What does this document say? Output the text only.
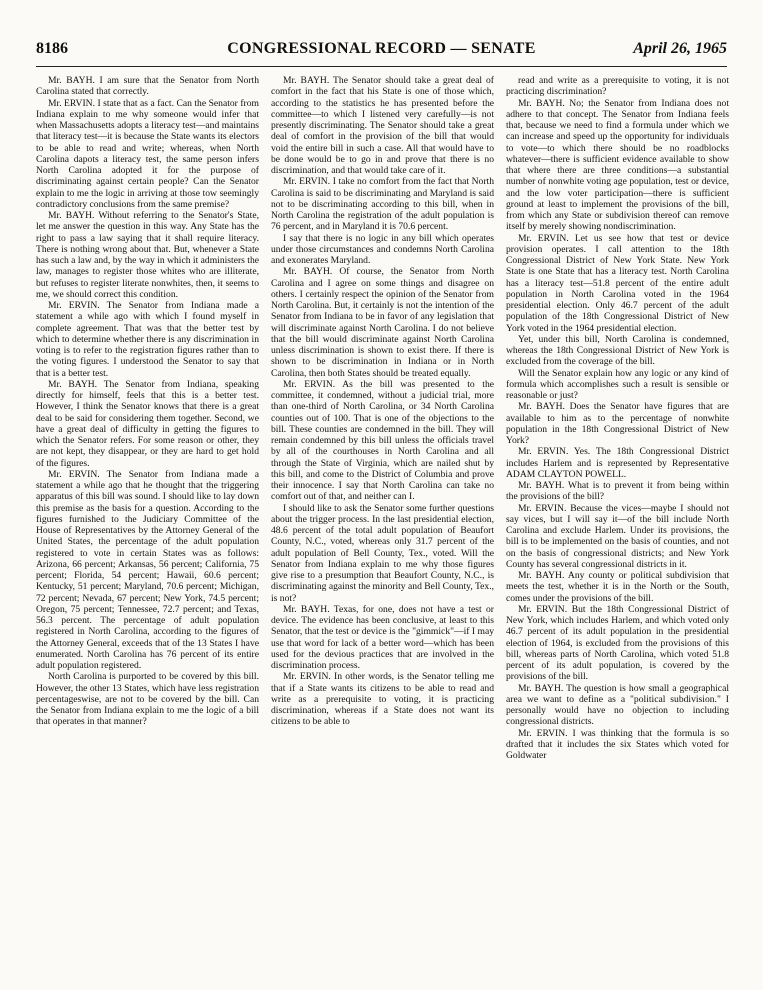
8186	CONGRESSIONAL RECORD — SENATE	April 26, 1965

Mr. BAYH. I am sure that the Senator from North Carolina stated that correctly.

Mr. ERVIN. I state that as a fact. Can the Senator from Indiana explain to me why someone would infer that when Massachusetts adopts a literacy test—and maintains that literacy test—it is because the State wants its electors to be able to read and write; whereas, when North Carolina dapots a literacy test, the same person infers North Carolina adopted it for the purpose of discriminating against certain people? Can the Senator explain to me the logic in arriving at those tow seemingly contradictory conclusions from the same premise?

Mr. BAYH. Without referring to the Senator's State, let me answer the question in this way. Any State has the right to pass a law saying that it shall require literacy. There is nothing wrong about that. But, whenever a State has such a law and, by the way in which it administers the law, manages to register those whites who are illiterate, but refuses to register literate nonwhites, then, it seems to me, we should correct this condition.

Mr. ERVIN. The Senator from Indiana made a statement a while ago with which I found myself in complete agreement. That was that the better test by which to determine whether there is any discrimination in voting is to refer to the registration figures rather than to the voting figures. I understood the Senator to say that that is a better test.

Mr. BAYH. The Senator from Indiana, speaking directly for himself, feels that this is a better test. However, I think the Senator knows that there is a great deal to be said for considering them together. Second, we have a great deal of difficulty in getting the figures to which the Senator refers. For some reason or other, they are not kept, they disappear, or they are hard to get hold of the figures.

Mr. ERVIN. The Senator from Indiana made a statement a while ago that he thought that the triggering apparatus of this bill was sound. I should like to lay down this premise as the basis for a question. According to the figures furnished to the Judiciary Committee of the House of Representatives by the Attorney General of the United States, the percentage of the adult population registered to vote in certain States was as follows: Arizona, 66 percent; Arkansas, 56 percent; California, 75 percent; Florida, 54 percent; Hawaii, 60.6 percent; Kentucky, 51 percent; Maryland, 70.6 percent; Michigan, 72 percent; Nevada, 67 percent; New York, 74.5 percent; Oregon, 75 percent; Tennessee, 72.7 percent; and Texas, 56.3 percent. The percentage of adult population registered in North Carolina, according to the figures of the Attorney General, exceeds that of the 13 States I have enumerated. North Carolina has 76 percent of its entire adult population registered.

North Carolina is purported to be covered by this bill. However, the other 13 States, which have less registration percentageswise, are not to be covered by the bill. Can the Senator from Indiana explain to me the logic of a bill that operates in that manner?

Mr. BAYH. The Senator should take a great deal of comfort in the fact that his State is one of those which, according to the statistics he has presented before the committee—to which I listened very carefully—is not presently discriminating. The Senator should take a great deal of comfort in the provision of the bill that would void the entire bill in such a case. All that would have to be done would be to go in and prove that there is no discrimination, and that would take care of it.

Mr. ERVIN. I take no comfort from the fact that North Carolina is said to be discriminating and Maryland is said not to be discriminating according to this bill, when in North Carolina the registration of the adult population is 76 percent, and in Maryland it is 70.6 percent.

I say that there is no logic in any bill which operates under those circumstances and condemns North Carolina and exonerates Maryland.

Mr. BAYH. Of course, the Senator from North Carolina and I agree on some things and disagree on others. I certainly respect the opinion of the Senator from North Carolina. But, it certainly is not the intention of the Senator from Indiana to be in favor of any legislation that will discriminate against North Carolina. I do not believe that the bill would discriminate against North Carolina unless discrimination is shown to exist there. If there is shown to be discrimination in Indiana or in North Carolina, then both States should be treated equally.

Mr. ERVIN. As the bill was presented to the committee, it condemned, without a judicial trial, more than one-third of North Carolina, or 34 North Carolina counties out of 100. That is one of the objections to the bill. These counties are condemned in the bill. They will remain condemned by this bill unless the officials travel by all of the courthouses in North Carolina and all through the State of Virginia, which are nailed shut by this bill, and come to the District of Columbia and prove their innocence. I say that North Carolina can take no comfort out of that, and neither can I.

I should like to ask the Senator some further questions about the trigger process. In the last presidential election, 48.6 percent of the total adult population of Beaufort County, N.C., voted, whereas only 31.7 percent of the adult population of Bell County, Tex., voted. Will the Senator from Indiana explain to me why those figures give rise to a presumption that Beaufort County, N.C., is discriminating against the minority and Bell County, Tex., is not?

Mr. BAYH. Texas, for one, does not have a test or device. The evidence has been conclusive, at least to this Senator, that the test or device is the "gimmick"—if I may use that word for lack of a better word—which has been used for the devious practices that are involved in the discrimination process.

Mr. ERVIN. In other words, is the Senator telling me that if a State wants its citizens to be able to read and write as a prerequisite to voting, it is practicing discrimination, whereas if a State does not want its citizens to be able to

read and write as a prerequisite to voting, it is not practicing discrimination?

Mr. BAYH. No; the Senator from Indiana does not adhere to that concept. The Senator from Indiana feels that, because we need to find a formula under which we can increase and speed up the opportunity for individuals to vote—to which there should be no roadblocks whatever—there is sufficient evidence available to show that where there are three conditions—a substantial number of nonwhite voting age population, test or device, and the low voter participation—there is sufficient ground at least to implement the provisions of the bill, from which any State or subdivision thereof can remove itself by merely showing nondiscrimination.

Mr. ERVIN. Let us see how that test or device provision operates. I call attention to the 18th Congressional District of New York State. New York State is one State that has a literacy test. North Carolina has a literacy test—51.8 percent of the entire adult population in North Carolina voted in the 1964 presidential election. Only 46.7 percent of the adult population of the 18th Congressional District of New York voted in the 1964 presidential election.

Yet, under this bill, North Carolina is condemned, whereas the 18th Congressional District of New York is excluded from the coverage of the bill.

Will the Senator explain how any logic or any kind of formula which accomplishes such a result is sensible or reasonable or just?

Mr. BAYH. Does the Senator have figures that are available to him as to the percentage of nonwhite population in the 18th Congressional District of New York?

Mr. ERVIN. Yes. The 18th Congressional District includes Harlem and is represented by Representative ADAM CLAYTON POWELL.

Mr. BAYH. What is to prevent it from being within the provisions of the bill?

Mr. ERVIN. Because the vices—maybe I should not say vices, but I will say it—of the bill include North Carolina and exclude Harlem. Under its provisions, the bill is to be implemented on the basis of counties, and not on the basis of congressional districts; and New York County has several congressional districts in it.

Mr. BAYH. Any county or political subdivision that meets the test, whether it is in the North or the South, comes under the provisions of the bill.

Mr. ERVIN. But the 18th Congressional District of New York, which includes Harlem, and which voted only 46.7 percent of its adult population in the presidential election of 1964, is excluded from the provisions of this bill, whereas parts of North Carolina, which voted 51.8 percent of its adult population, is covered by the provisions of the bill.

Mr. BAYH. The question is how small a geographical area we want to define as a "political subdivision." I personally would have no objection to including congressional districts.

Mr. ERVIN. I was thinking that the formula is so drafted that it includes the six States which voted for Goldwater
